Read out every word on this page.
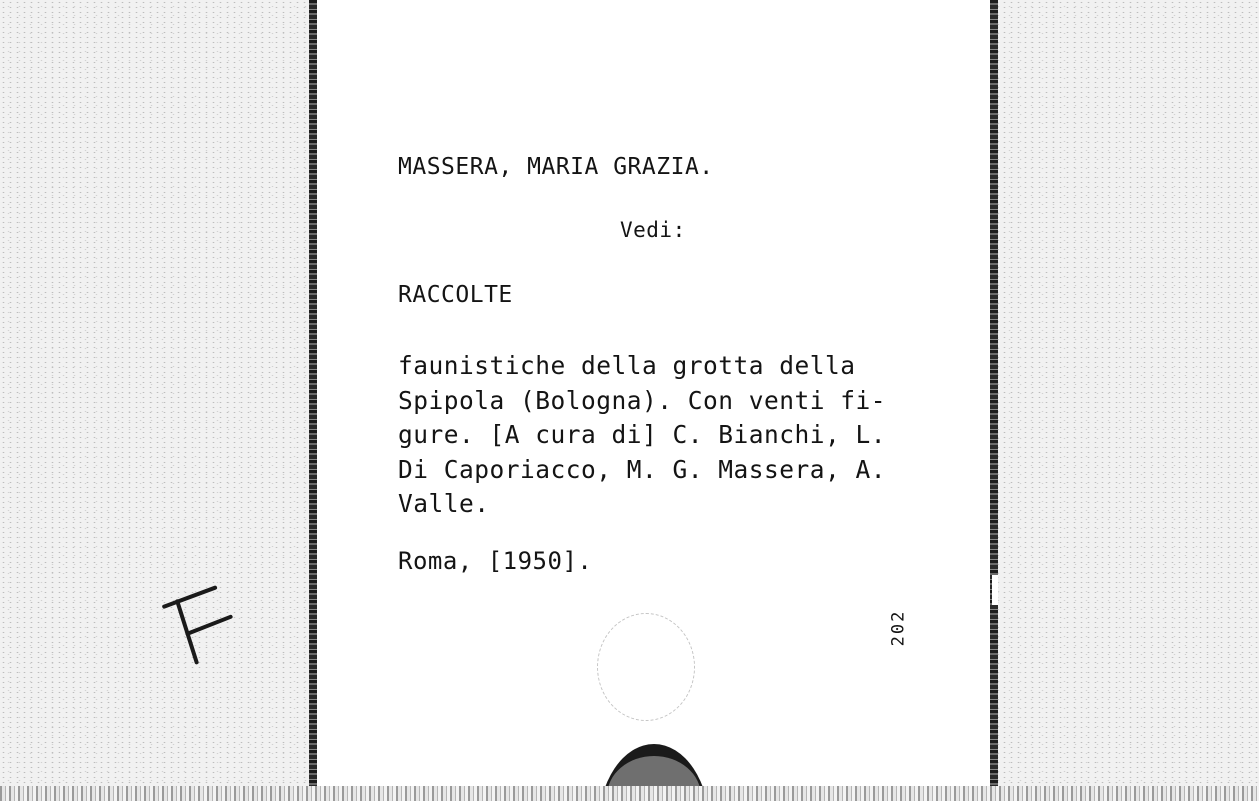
MASSERA, MARIA GRAZIA.

Vedi:

RACCOLTE

faunistiche della grotta della
Spipola (Bologna). Con venti fi-
gure. [A cura di] C. Bianchi, L.
Di Caporiacco, M. G. Massera, A.
Valle.

Roma, [1950].

202
